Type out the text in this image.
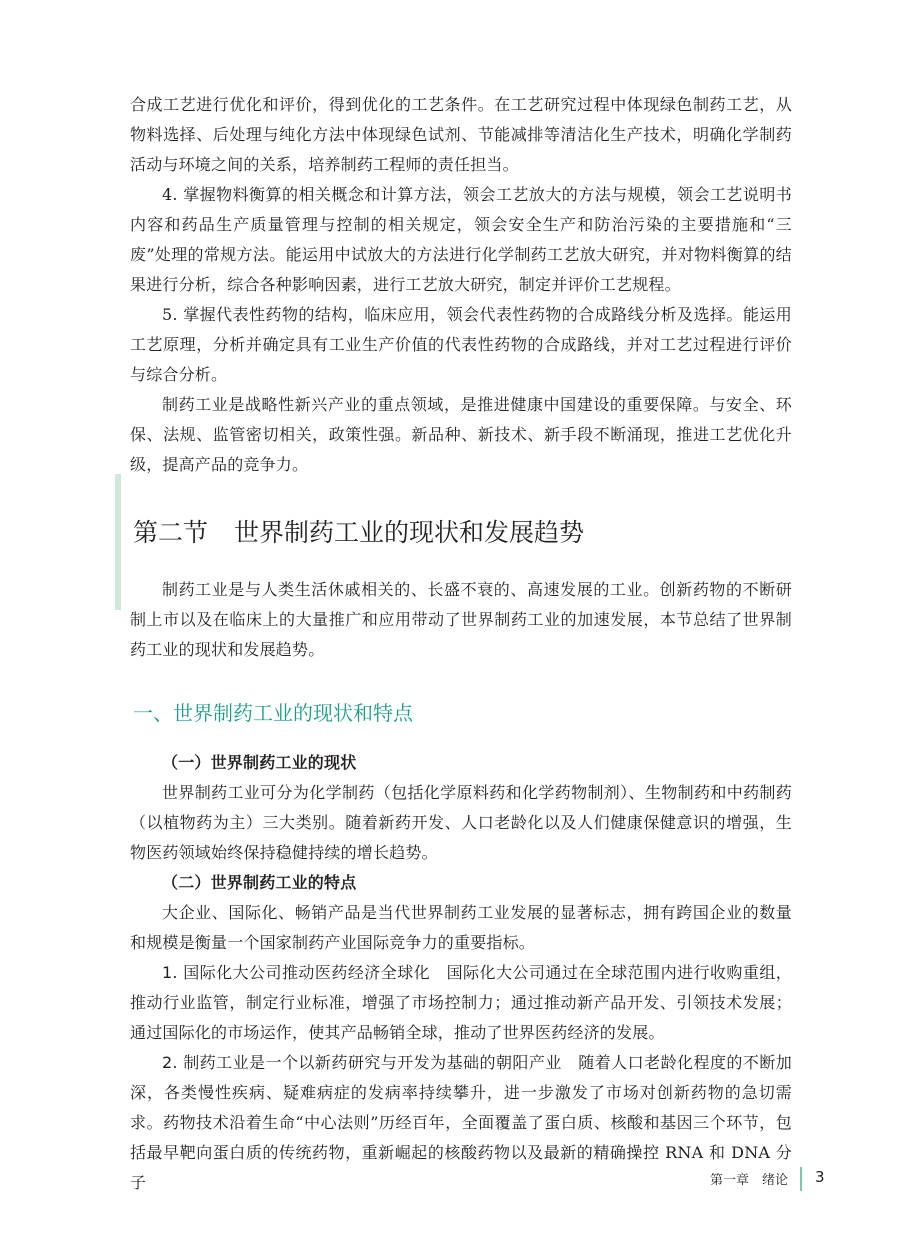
合成工艺进行优化和评价，得到优化的工艺条件。在工艺研究过程中体现绿色制药工艺，从物料选择、后处理与纯化方法中体现绿色试剂、节能减排等清洁化生产技术，明确化学制药活动与环境之间的关系，培养制药工程师的责任担当。

4. 掌握物料衡算的相关概念和计算方法，领会工艺放大的方法与规模，领会工艺说明书内容和药品生产质量管理与控制的相关规定，领会安全生产和防治污染的主要措施和“三废”处理的常规方法。能运用中试放大的方法进行化学制药工艺放大研究，并对物料衡算的结果进行分析，综合各种影响因素，进行工艺放大研究，制定并评价工艺规程。

5. 掌握代表性药物的结构，临床应用，领会代表性药物的合成路线分析及选择。能运用工艺原理，分析并确定具有工业生产价值的代表性药物的合成路线，并对工艺过程进行评价与综合分析。

制药工业是战略性新兴产业的重点领域，是推进健康中国建设的重要保障。与安全、环保、法规、监管密切相关，政策性强。新品种、新技术、新手段不断涌现，推进工艺优化升级，提高产品的竞争力。

第二节 世界制药工业的现状和发展趋势

制药工业是与人类生活休戚相关的、长盛不衰的、高速发展的工业。创新药物的不断研制上市以及在临床上的大量推广和应用带动了世界制药工业的加速发展，本节总结了世界制药工业的现状和发展趋势。

一、世界制药工业的现状和特点

（一）世界制药工业的现状

世界制药工业可分为化学制药（包括化学原料药和化学药物制剂）、生物制药和中药制药（以植物药为主）三大类别。随着新药开发、人口老龄化以及人们健康保健意识的增强，生物医药领域始终保持稳健持续的增长趋势。

（二）世界制药工业的特点

大企业、国际化、畅销产品是当代世界制药工业发展的显著标志，拥有跨国企业的数量和规模是衡量一个国家制药产业国际竞争力的重要指标。

1. 国际化大公司推动医药经济全球化　 国际化大公司通过在全球范围内进行收购重组，推动行业监管，制定行业标准，增强了市场控制力；通过推动新产品开发、引领技术发展；通过国际化的市场运作，使其产品畅销全球，推动了世界医药经济的发展。

2. 制药工业是一个以新药研究与开发为基础的朝阳产业　 随着人口老龄化程度的不断加深，各类慢性疾病、疑难病症的发病率持续攀升，进一步激发了市场对创新药物的急切需求。药物技术沿着生命“中心法则”历经百年，全面覆盖了蛋白质、核酸和基因三个环节，包括最早靶向蛋白质的传统药物，重新崛起的核酸药物以及最新的精确操控 RNA 和 DNA 分子	第一章　绪论 3
